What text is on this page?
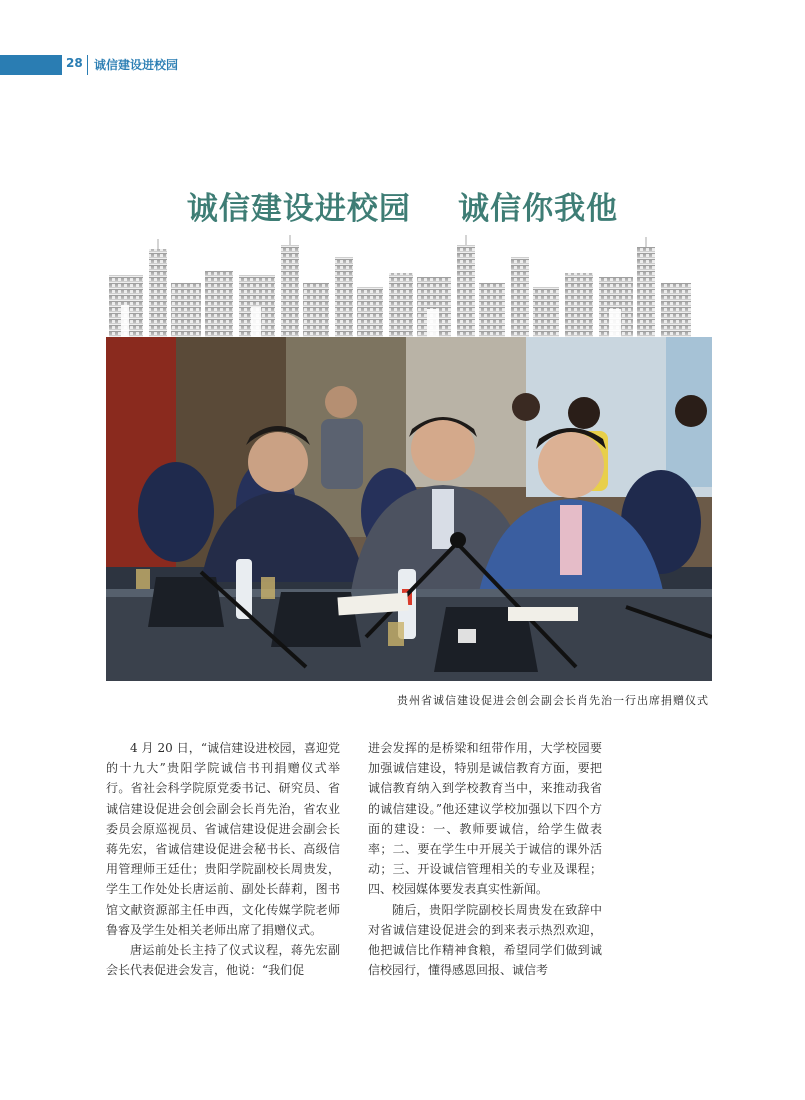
28 诚信建设进校园
诚信建设进校园    诚信你我他
贵州省诚信建设促进会创会副会长肖先治一行出席捐赠仪式

4 月 20 日，“诚信建设进校园，喜迎党的十九大”贵阳学院诚信书刊捐赠仪式举行。省社会科学院原党委书记、研究员、省诚信建设促进会创会副会长肖先治，省农业委员会原巡视员、省诚信建设促进会副会长蒋先宏，省诚信建设促进会秘书长、高级信用管理师王廷仕；贵阳学院副校长周贵发，学生工作处处长唐运前、副处长薛莉，图书馆文献资源部主任申西，文化传媒学院老师鲁睿及学生处相关老师出席了捐赠仪式。

唐运前处长主持了仪式议程，蒋先宏副会长代表促进会发言，他说：“我们促

进会发挥的是桥梁和纽带作用，大学校园要加强诚信建设，特别是诚信教育方面，要把诚信教育纳入到学校教育当中，来推动我省的诚信建设。”他还建议学校加强以下四个方面的建设：一、教师要诚信，给学生做表率；二、要在学生中开展关于诚信的课外活动；三、开设诚信管理相关的专业及课程；四、校园媒体要发表真实性新闻。

随后，贵阳学院副校长周贵发在致辞中对省诚信建设促进会的到来表示热烈欢迎，他把诚信比作精神食粮，希望同学们做到诚信校园行，懂得感恩回报、诚信考
